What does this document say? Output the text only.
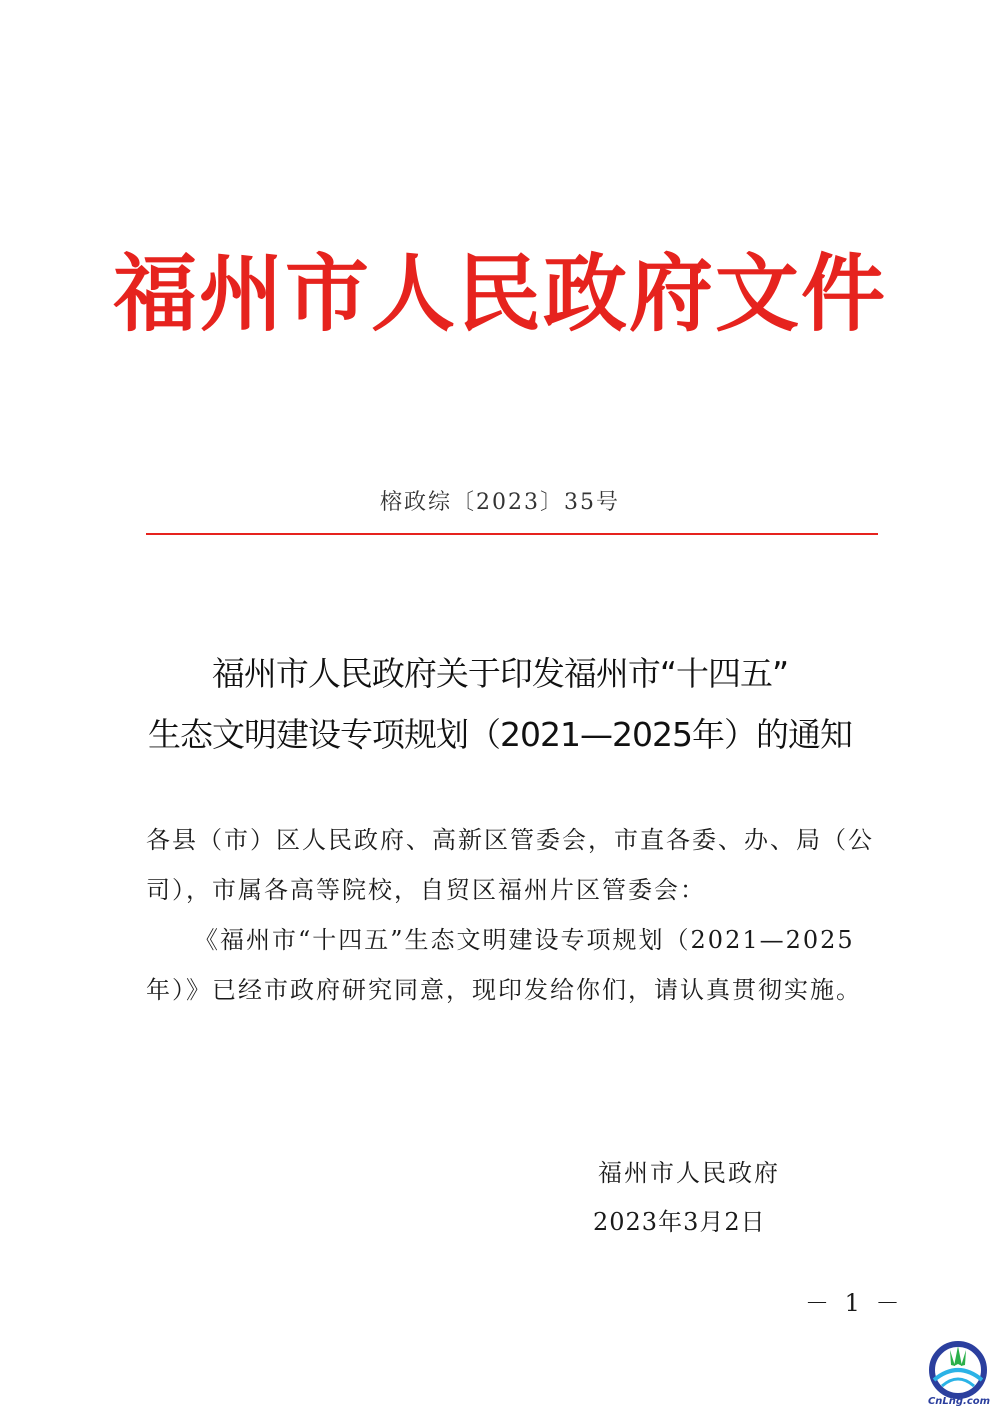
福州市人民政府文件
榕政综〔2023〕35号
福州市人民政府关于印发福州市“十四五”
生态文明建设专项规划（2021—2025年）的通知
各县（市）区人民政府、高新区管委会，市直各委、办、局（公
司），市属各高等院校，自贸区福州片区管委会：
《福州市“十四五”生态文明建设专项规划（2021—2025
年）》已经市政府研究同意，现印发给你们，请认真贯彻实施。
福州市人民政府
2023年3月2日
－ 1 －
CnLng.com
